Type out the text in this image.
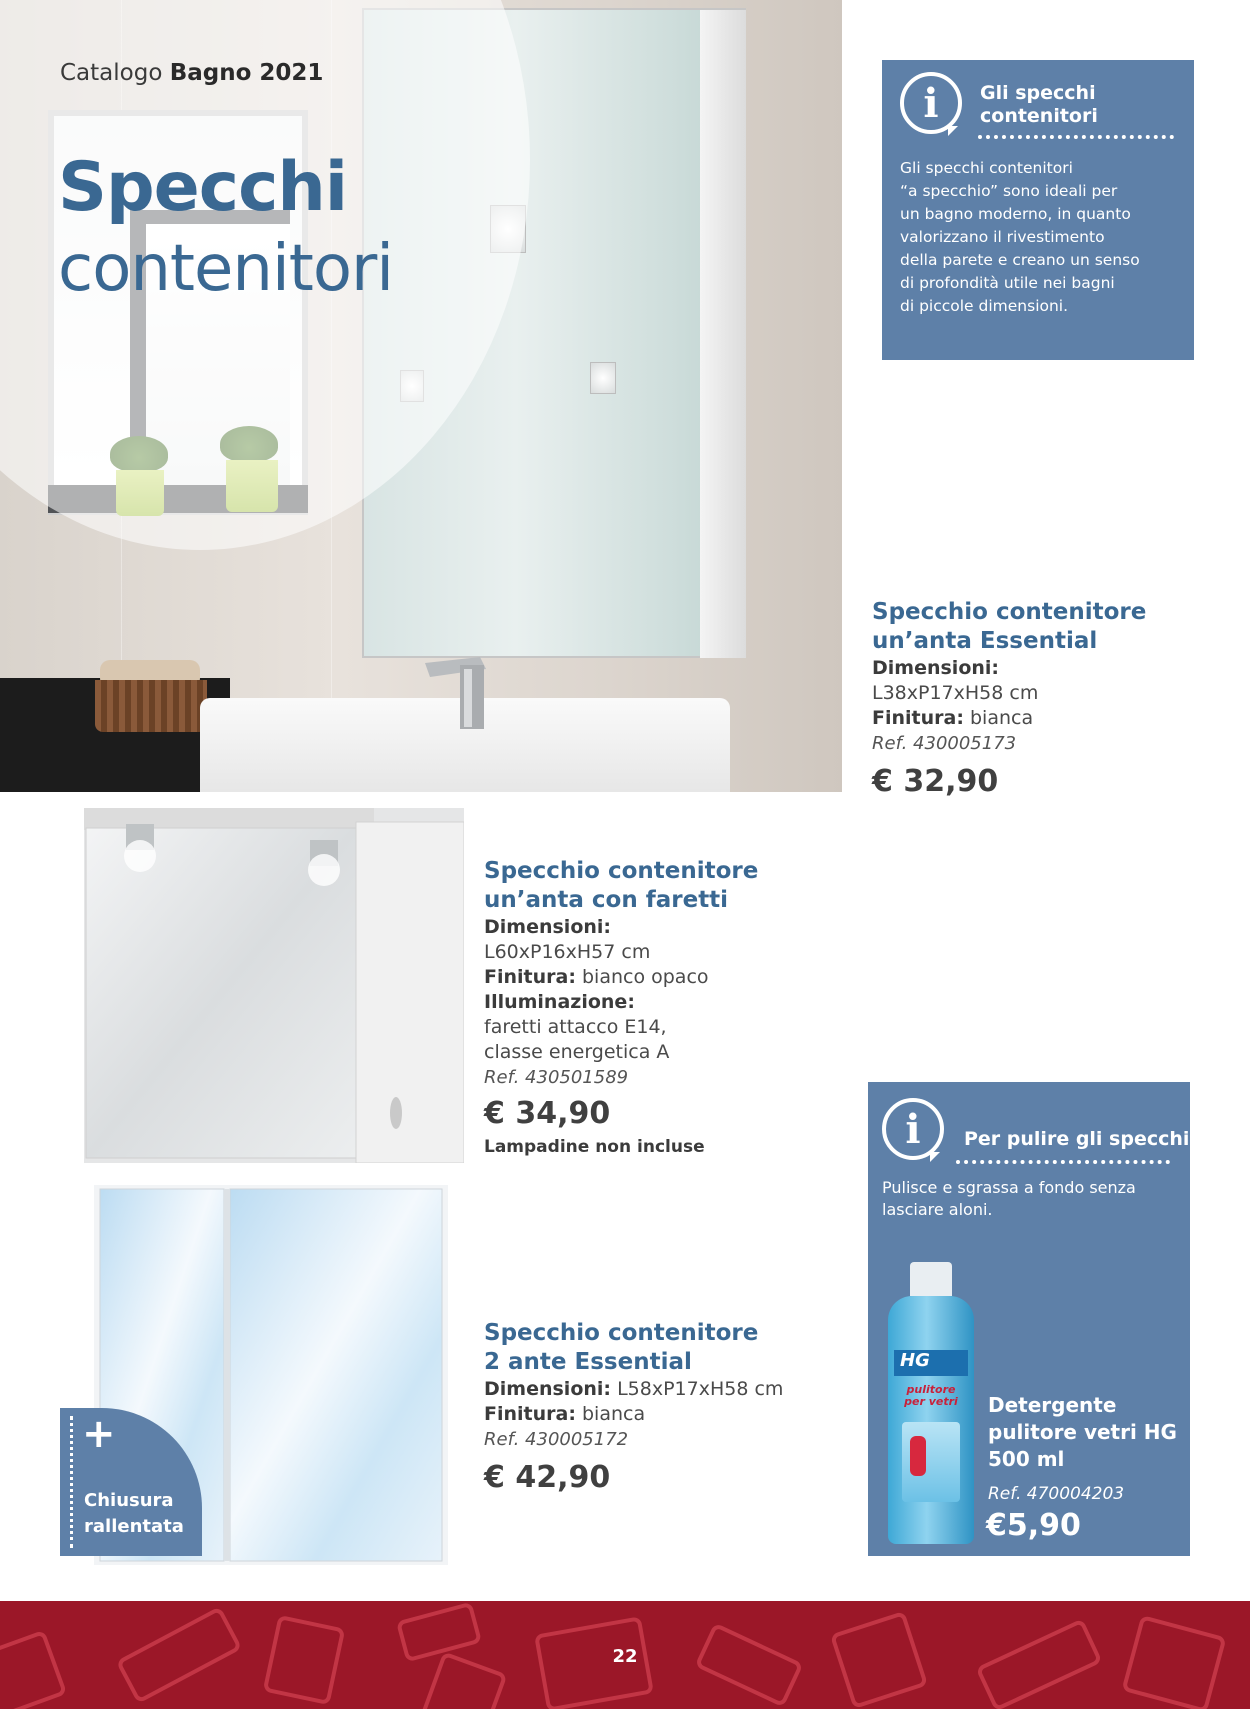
Catalogo Bagno 2021
Specchi
contenitori
i	Gli specchi
contenitori
Gli specchi contenitori
“a specchio” sono ideali per
un bagno moderno, in quanto
valorizzano il rivestimento
della parete e creano un senso
di profondità utile nei bagni
di piccole dimensioni.
Specchio contenitore
un’anta Essential
Dimensioni:
L38xP17xH58 cm
Finitura: bianca
Ref. 430005173
€ 32,90
Specchio contenitore
un’anta con faretti
Dimensioni:
L60xP16xH57 cm
Finitura: bianco opaco
Illuminazione:
faretti attacco E14,
classe energetica A
Ref. 430501589
€ 34,90
Lampadine non incluse
+
Chiusura
rallentata
Specchio contenitore
2 ante Essential
Dimensioni: L58xP17xH58 cm
Finitura: bianca
Ref. 430005172
€ 42,90
i	Per pulire gli specchi
Pulisce e sgrassa a fondo senza
lasciare aloni.
HG
pulitore
per vetri	Detergente
pulitore vetri HG
500 ml
Ref. 470004203
€5,90
22
